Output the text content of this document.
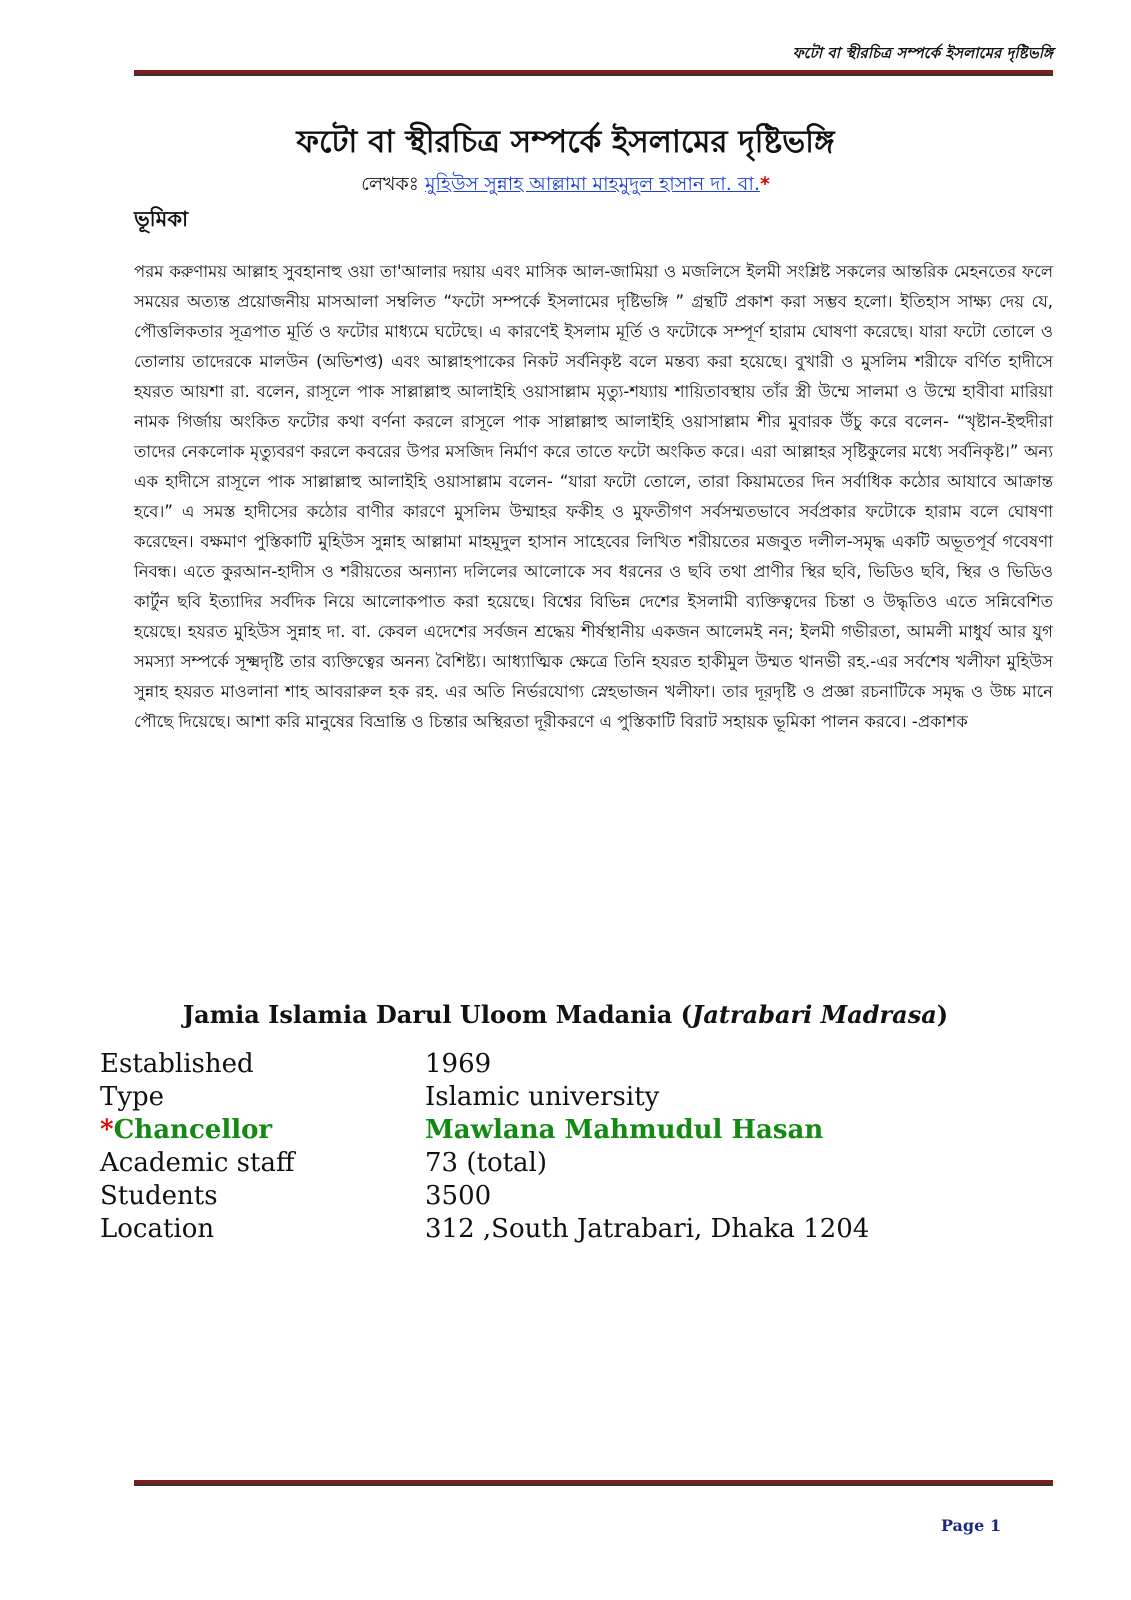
ফটো বা স্থীরচিত্র সম্পর্কে ইসলামের দৃষ্টিভঙ্গি
ফটো বা স্থীরচিত্র সম্পর্কে ইসলামের দৃষ্টিভঙ্গি
লেখকঃ মুহিউস সুন্নাহ আল্লামা মাহমুদুল হাসান দা. বা.*
ভূমিকা
পরম করুণাময় আল্লাহ সুবহানাহু ওয়া তা'আলার দয়ায় এবং মাসিক আল-জামিয়া ও মজলিসে ইলমী সংশ্লিষ্ট সকলের আন্তরিক মেহনতের ফলে সময়ের অত্যন্ত প্রয়োজনীয় মাসআলা সম্বলিত “ফটো সম্পর্কে ইসলামের দৃষ্টিভঙ্গি ” গ্রন্থটি প্রকাশ করা সম্ভব হলো। ইতিহাস সাক্ষ্য দেয় যে, পৌত্তলিকতার সূত্রপাত মূর্তি ও ফটোর মাধ্যমে ঘটেছে। এ কারণেই ইসলাম মূর্তি ও ফটোকে সম্পূর্ণ হারাম ঘোষণা করেছে। যারা ফটো তোলে ও তোলায় তাদেরকে মালউন (অভিশপ্ত) এবং আল্লাহপাকের নিকট সর্বনিকৃষ্ট বলে মন্তব্য করা হয়েছে। বুখারী ও মুসলিম শরীফে বর্ণিত হাদীসে হযরত আয়শা রা. বলেন, রাসূলে পাক সাল্লাল্লাহু আলাইহি ওয়াসাল্লাম মৃত্যু-শয্যায় শায়িতাবস্থায় তাঁর স্ত্রী উম্মে সালমা ও উম্মে হাবীবা মারিয়া নামক গির্জায় অংকিত ফটোর কথা বর্ণনা করলে রাসূলে পাক সাল্লাল্লাহু আলাইহি ওয়াসাল্লাম শীর মুবারক উঁচু করে বলেন- “খৃষ্টান-ইহুদীরা তাদের নেকলোক মৃত্যুবরণ করলে কবরের উপর মসজিদ নির্মাণ করে তাতে ফটো অংকিত করে। এরা আল্লাহর সৃষ্টিকুলের মধ্যে সর্বনিকৃষ্ট।” অন্য এক হাদীসে রাসূলে পাক সাল্লাল্লাহু আলাইহি ওয়াসাল্লাম বলেন- “যারা ফটো তোলে, তারা কিয়ামতের দিন সর্বাধিক কঠোর আযাবে আক্রান্ত হবে।” এ সমস্ত হাদীসের কঠোর বাণীর কারণে মুসলিম উম্মাহর ফকীহ ও মুফতীগণ সর্বসম্মতভাবে সর্বপ্রকার ফটোকে হারাম বলে ঘোষণা করেছেন। বক্ষমাণ পুস্তিকাটি মুহিউস সুন্নাহ আল্লামা মাহমূদুল হাসান সাহেবের লিখিত শরীয়তের মজবুত দলীল-সমৃদ্ধ একটি অভূতপূর্ব গবেষণা নিবন্ধ। এতে কুরআন-হাদীস ও শরীয়তের অন্যান্য দলিলের আলোকে সব ধরনের ও ছবি তথা প্রাণীর স্থির ছবি, ভিডিও ছবি, স্থির ও ভিডিও কার্টুন ছবি ইত্যাদির সর্বদিক নিয়ে আলোকপাত করা হয়েছে। বিশ্বের বিভিন্ন দেশের ইসলামী ব্যক্তিত্বদের চিন্তা ও উদ্ধৃতিও এতে সন্নিবেশিত হয়েছে। হযরত মুহিউস সুন্নাহ দা. বা. কেবল এদেশের সর্বজন শ্রদ্ধেয় শীর্ষস্থানীয় একজন আলেমই নন; ইলমী গভীরতা, আমলী মাধুর্য আর যুগ সমস্যা সম্পর্কে সূক্ষ্মদৃষ্টি তার ব্যক্তিত্বের অনন্য বৈশিষ্ট্য। আধ্যাত্মিক ক্ষেত্রে তিনি হযরত হাকীমুল উম্মত থানভী রহ.-এর সর্বশেষ খলীফা মুহিউস সুন্নাহ হযরত মাওলানা শাহ আবরারুল হক রহ. এর অতি নির্ভরযোগ্য স্নেহভাজন খলীফা। তার দূরদৃষ্টি ও প্রজ্ঞা রচনাটিকে সমৃদ্ধ ও উচ্চ মানে পৌছে দিয়েছে। আশা করি মানুষের বিভ্রান্তি ও চিন্তার অস্থিরতা দূরীকরণে এ পুস্তিকাটি বিরাট সহায়ক ভূমিকা পালন করবে। -প্রকাশক
Jamia Islamia Darul Uloom Madania (Jatrabari Madrasa)
Established	1969
Type	Islamic university
*Chancellor	Mawlana Mahmudul Hasan
Academic staff	73 (total)
Students	3500
Location	312 ,South Jatrabari, Dhaka 1204
Page 1
